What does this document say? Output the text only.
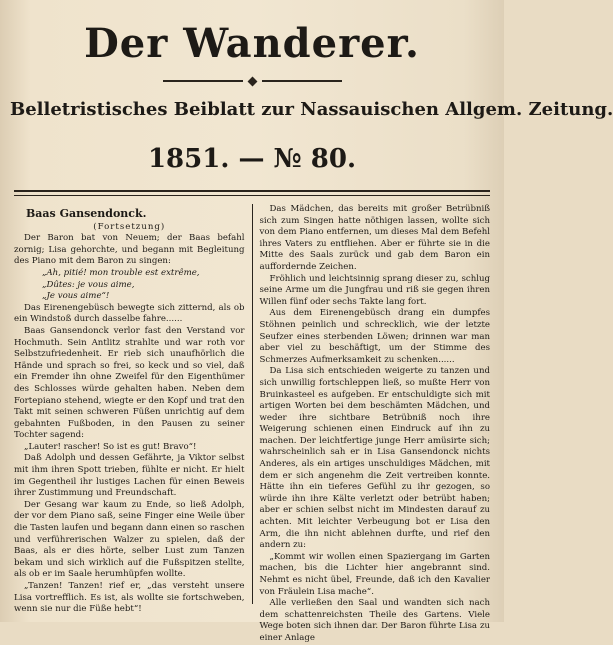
Der Wanderer.
Belletristisches Beiblatt zur Nassauischen Allgem. Zeitung.
1851. — № 80.

Baas Gansendonck.

(Fortsetzung)

Der Baron bat von Neuem; der Baas befahl zornig; Lisa gehorchte, und begann mit Begleitung des Piano mit dem Baron zu singen:

„Ah, pitié! mon trouble est extrême,

„Dûtes: je vous aime,

„Je vous aime“!

Das Eirenengebüsch bewegte sich zitternd, als ob ein Windstoß durch dasselbe fahre......

Baas Gansendonck verlor fast den Verstand vor Hochmuth. Sein Antlitz strahlte und war roth vor Selbstzufriedenheit. Er rieb sich unaufhörlich die Hände und sprach so frei, so keck und so viel, daß ein Fremder ihn ohne Zweifel für den Eigenthümer des Schlosses würde gehalten haben. Neben dem Fortepiano stehend, wiegte er den Kopf und trat den Takt mit seinen schweren Füßen unrichtig auf dem gebahnten Fußboden, in den Pausen zu seiner Tochter sagend:

„Lauter! rascher! So ist es gut! Bravo“!

Daß Adolph und dessen Gefährte, ja Viktor selbst mit ihm ihren Spott trieben, fühlte er nicht. Er hielt im Gegentheil ihr lustiges Lachen für einen Beweis ihrer Zustimmung und Freundschaft.

Der Gesang war kaum zu Ende, so ließ Adolph, der vor dem Piano saß, seine Finger eine Weile über die Tasten laufen und begann dann einen so raschen und verführerischen Walzer zu spielen, daß der Baas, als er dies hörte, selber Lust zum Tanzen bekam und sich wirklich auf die Fußspitzen stellte, als ob er im Saale herumhüpfen wollte.

„Tanzen! Tanzen! rief er, „das versteht unsere Lisa vortrefflich. Es ist, als wollte sie fortschweben, wenn sie nur die Füße hebt“!

Das Mädchen, das bereits mit großer Betrübniß sich zum Singen hatte nöthigen lassen, wollte sich von dem Piano entfernen, um dieses Mal dem Befehl ihres Vaters zu entfliehen. Aber er führte sie in die Mitte des Saals zurück und gab dem Baron ein auffordernde Zeichen.

Fröhlich und leichtsinnig sprang dieser zu, schlug seine Arme um die Jungfrau und riß sie gegen ihren Willen fünf oder sechs Takte lang fort.

Aus dem Eirenengebüsch drang ein dumpfes Stöhnen peinlich und schrecklich, wie der letzte Seufzer eines sterbenden Löwen; drinnen war man aber viel zu beschäftigt, um der Stimme des Schmerzes Aufmerksamkeit zu schenken......

Da Lisa sich entschieden weigerte zu tanzen und sich unwillig fortschleppen ließ, so mußte Herr von Bruinkasteel es aufgeben. Er entschuldigte sich mit artigen Worten bei dem beschämten Mädchen, und weder ihre sichtbare Betrübniß noch ihre Weigerung schienen einen Eindruck auf ihn zu machen. Der leichtfertige junge Herr amüsirte sich; wahrscheinlich sah er in Lisa Gansendonck nichts Anderes, als ein artiges unschuldiges Mädchen, mit dem er sich angenehm die Zeit vertreiben konnte. Hätte ihn ein tieferes Gefühl zu ihr gezogen, so würde ihn ihre Kälte verletzt oder betrübt haben; aber er schien selbst nicht im Mindesten darauf zu achten. Mit leichter Verbeugung bot er Lisa den Arm, die ihn nicht ablehnen durfte, und rief den andern zu:

„Kommt wir wollen einen Spaziergang im Garten machen, bis die Lichter hier angebrannt sind. Nehmt es nicht übel, Freunde, daß ich den Kavalier von Fräulein Lisa mache“.

Alle verließen den Saal und wandten sich nach dem schattenreichsten Theile des Gartens. Viele Wege boten sich ihnen dar. Der Baron führte Lisa zu einer Anlage
